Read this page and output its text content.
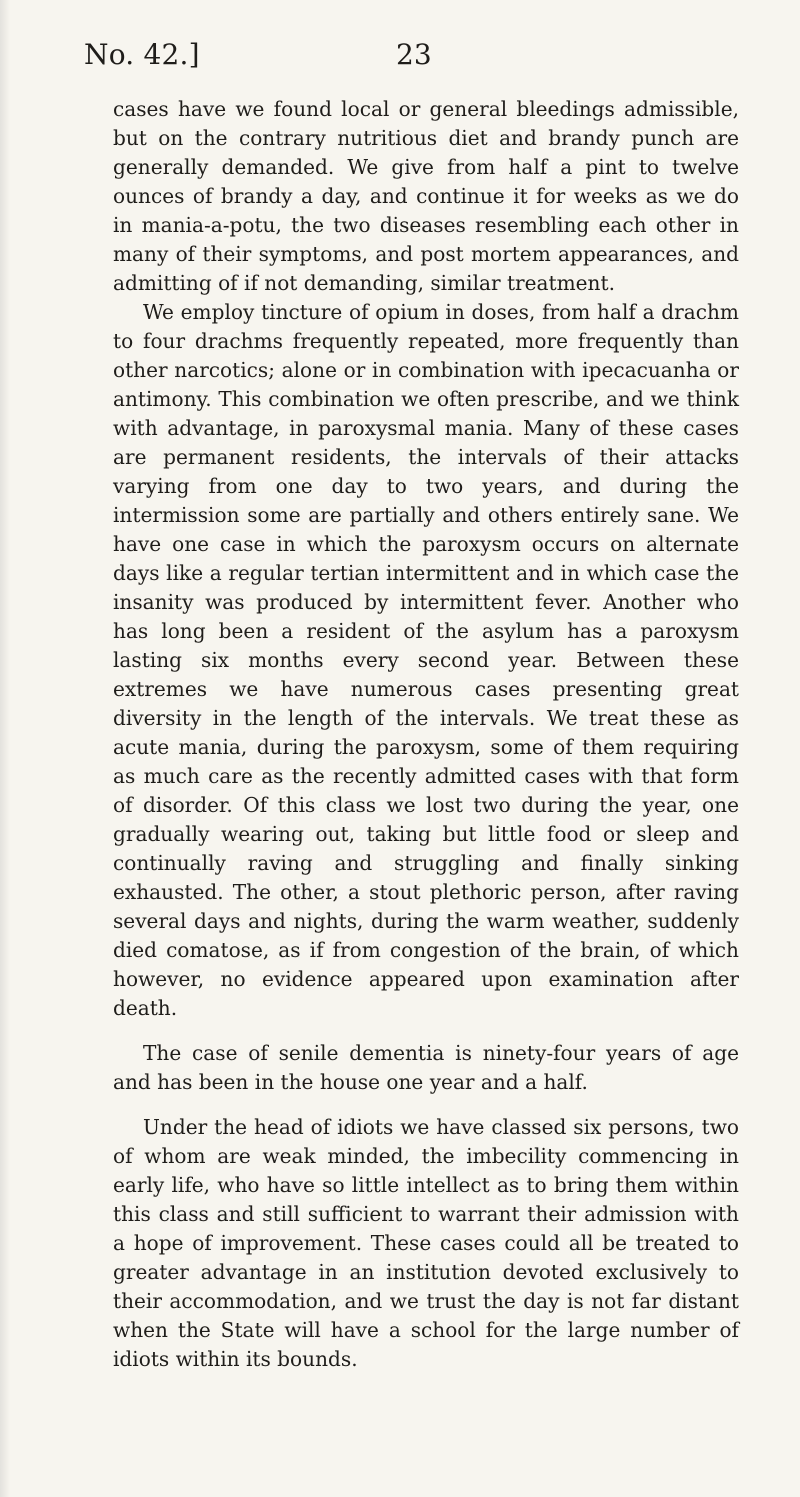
No. 42.]	23

cases have we found local or general bleedings admissible, but on the contrary nutritious diet and brandy punch are generally demanded. We give from half a pint to twelve ounces of brandy a day, and continue it for weeks as we do in mania-a-potu, the two diseases resembling each other in many of their symptoms, and post mortem appearances, and admitting of if not demanding, similar treatment.

We employ tincture of opium in doses, from half a drachm to four drachms frequently repeated, more frequently than other narcotics; alone or in combination with ipecacuanha or antimony. This combination we often prescribe, and we think with advantage, in paroxysmal mania. Many of these cases are permanent residents, the intervals of their attacks varying from one day to two years, and during the intermission some are partially and others entirely sane. We have one case in which the paroxysm occurs on alternate days like a regular tertian intermittent and in which case the insanity was produced by intermittent fever. Another who has long been a resident of the asylum has a paroxysm lasting six months every second year. Between these extremes we have numerous cases presenting great diversity in the length of the intervals. We treat these as acute mania, during the paroxysm, some of them requiring as much care as the recently admitted cases with that form of disorder. Of this class we lost two during the year, one gradually wearing out, taking but little food or sleep and continually raving and struggling and finally sinking exhausted. The other, a stout plethoric person, after raving several days and nights, during the warm weather, suddenly died comatose, as if from congestion of the brain, of which however, no evidence appeared upon examination after death.

The case of senile dementia is ninety-four years of age and has been in the house one year and a half.

Under the head of idiots we have classed six persons, two of whom are weak minded, the imbecility commencing in early life, who have so little intellect as to bring them within this class and still sufficient to warrant their admission with a hope of improvement. These cases could all be treated to greater advantage in an institution devoted exclusively to their accommodation, and we trust the day is not far distant when the State will have a school for the large number of idiots within its bounds.
